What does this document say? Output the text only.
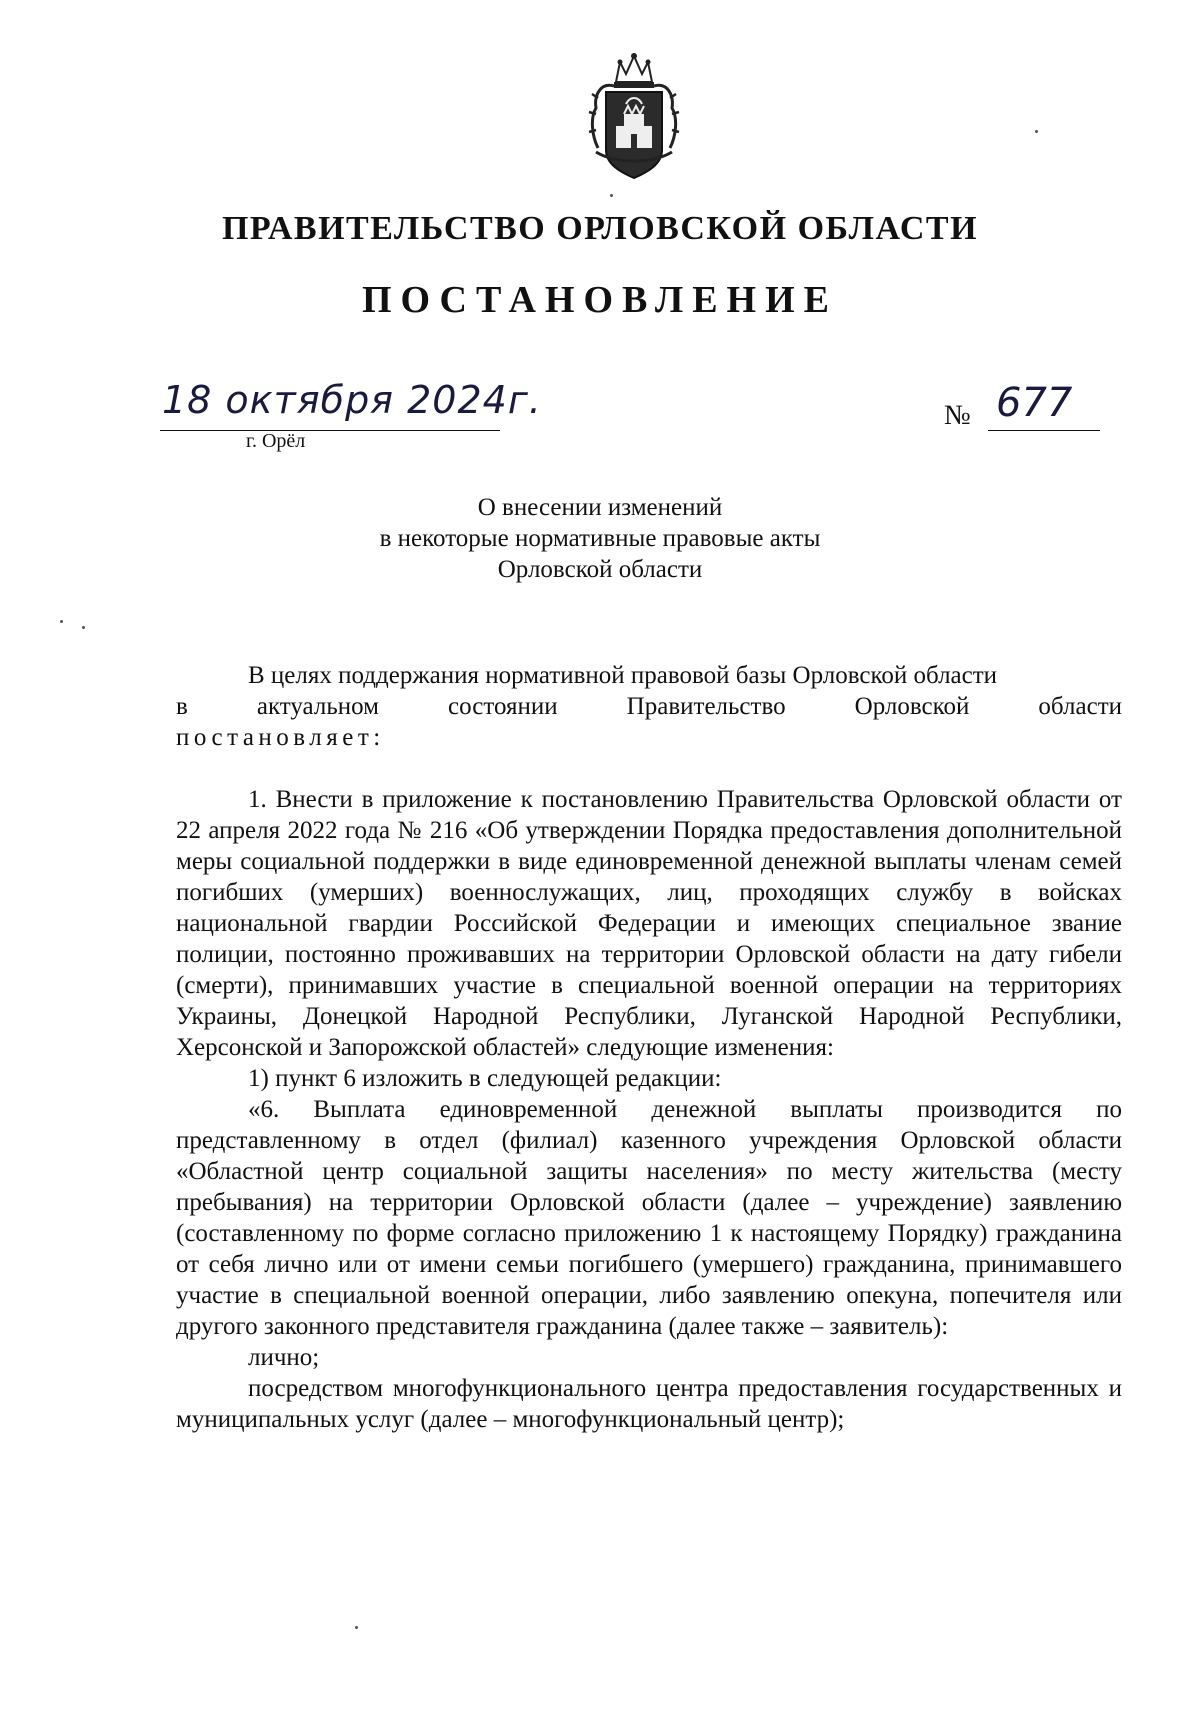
ПРАВИТЕЛЬСТВО ОРЛОВСКОЙ ОБЛАСТИ
ПОСТАНОВЛЕНИЕ
18 октября 2024г.
г. Орёл
№ 677
О внесении изменений
в некоторые нормативные правовые акты
Орловской области

В целях поддержания нормативной правовой базы Орловской области

в актуальном состоянии Правительство Орловской области

постановляет:

1. Внести в приложение к постановлению Правительства Орловской области от 22 апреля 2022 года № 216 «Об утверждении Порядка предоставления дополнительной меры социальной поддержки в виде единовременной денежной выплаты членам семей погибших (умерших) военнослужащих, лиц, проходящих службу в войсках национальной гвардии Российской Федерации и имеющих специальное звание полиции, постоянно проживавших на территории Орловской области на дату гибели (смерти), принимавших участие в специальной военной операции на территориях Украины, Донецкой Народной Республики, Луганской Народной Республики, Херсонской и Запорожской областей» следующие изменения:

1) пункт 6 изложить в следующей редакции:

«6. Выплата единовременной денежной выплаты производится по представленному в отдел (филиал) казенного учреждения Орловской области «Областной центр социальной защиты населения» по месту жительства (месту пребывания) на территории Орловской области (далее – учреждение) заявлению (составленному по форме согласно приложению 1 к настоящему Порядку) гражданина от себя лично или от имени семьи погибшего (умершего) гражданина, принимавшего участие в специальной военной операции, либо заявлению опекуна, попечителя или другого законного представителя гражданина (далее также – заявитель):

лично;

посредством многофункционального центра предоставления государственных и муниципальных услуг (далее – многофункциональный центр);
